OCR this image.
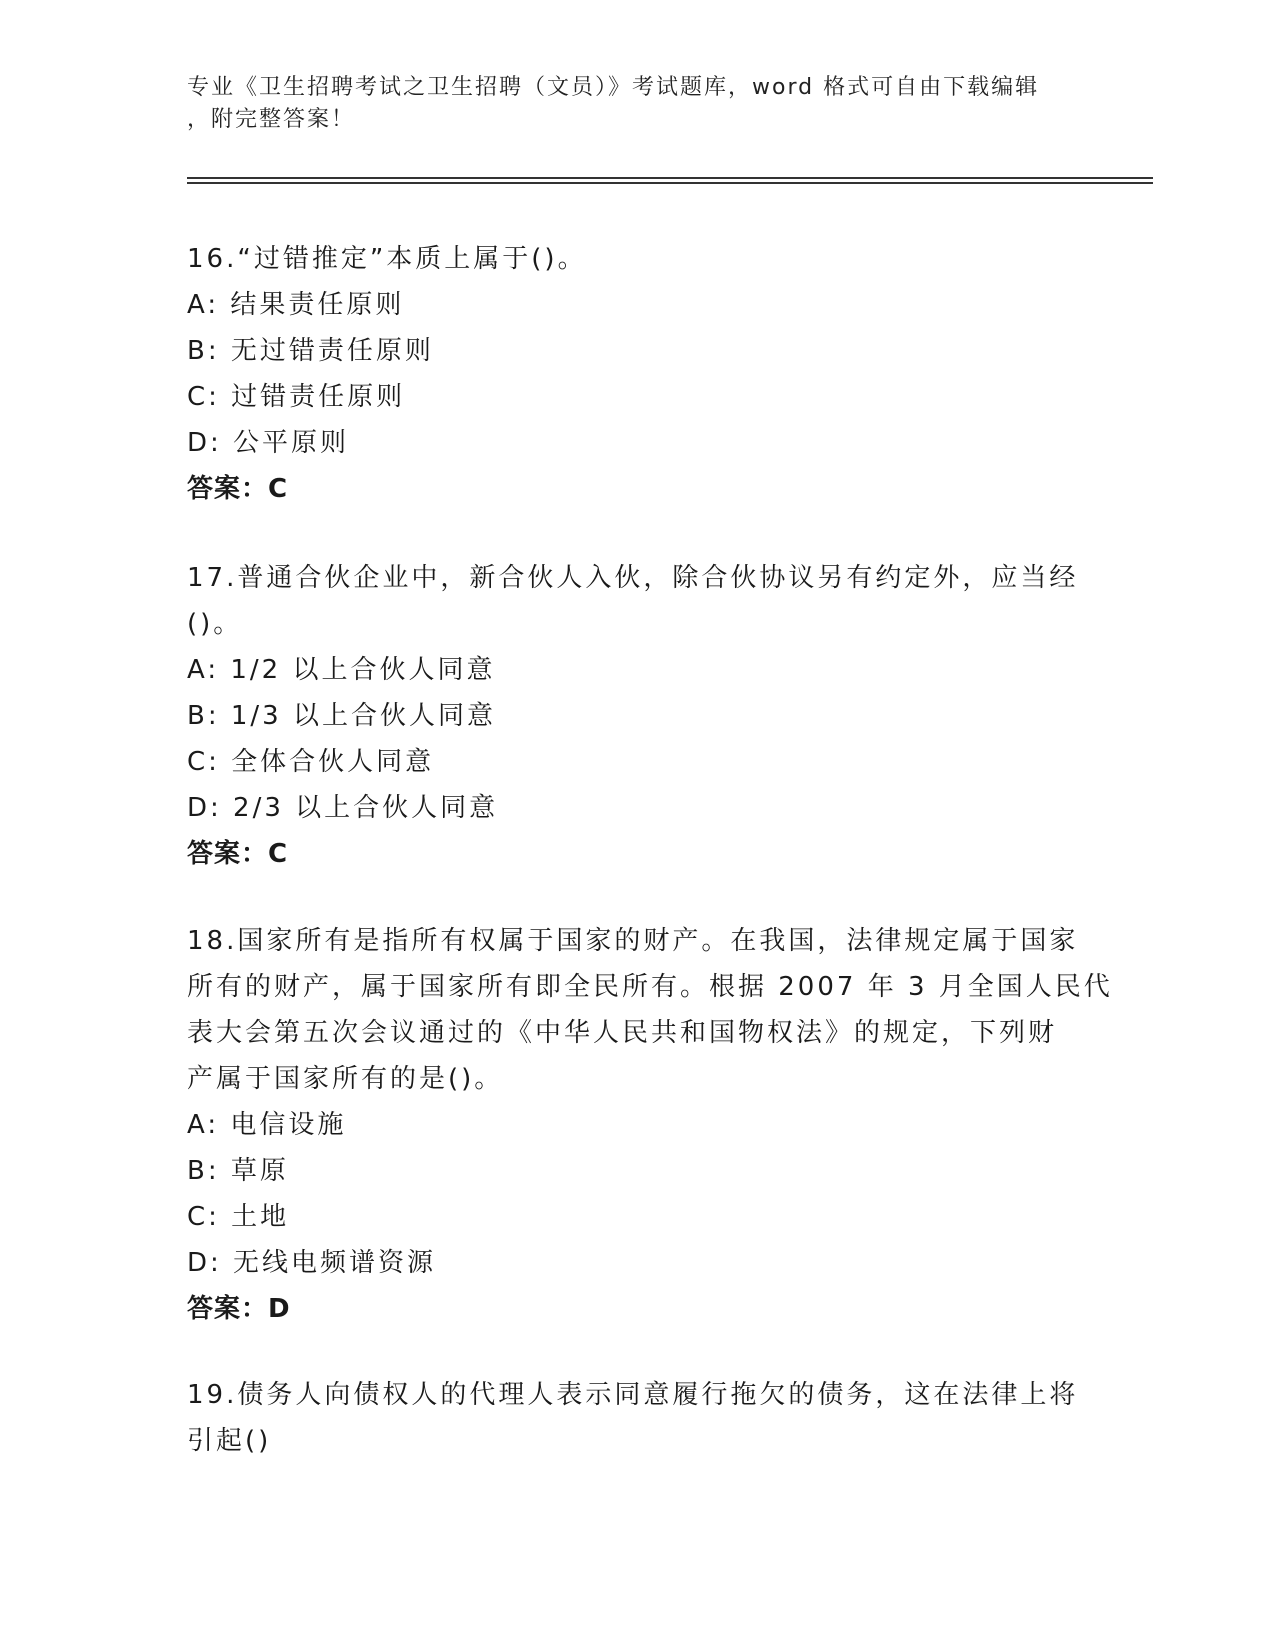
专业《卫生招聘考试之卫生招聘（文员）》考试题库，word 格式可自由下载编辑
，附完整答案！
16.“过错推定”本质上属于()。

A: 结果责任原则

B: 无过错责任原则

C: 过错责任原则

D: 公平原则

答案：C

17.普通合伙企业中，新合伙人入伙，除合伙协议另有约定外，应当经
()。

A: 1/2 以上合伙人同意

B: 1/3 以上合伙人同意

C: 全体合伙人同意

D: 2/3 以上合伙人同意

答案：C

18.国家所有是指所有权属于国家的财产。在我国，法律规定属于国家
所有的财产，属于国家所有即全民所有。根据 2007 年 3 月全国人民代
表大会第五次会议通过的《中华人民共和国物权法》的规定，下列财
产属于国家所有的是()。

A: 电信设施

B: 草原

C: 土地

D: 无线电频谱资源

答案：D

19.债务人向债权人的代理人表示同意履行拖欠的债务，这在法律上将
引起()
